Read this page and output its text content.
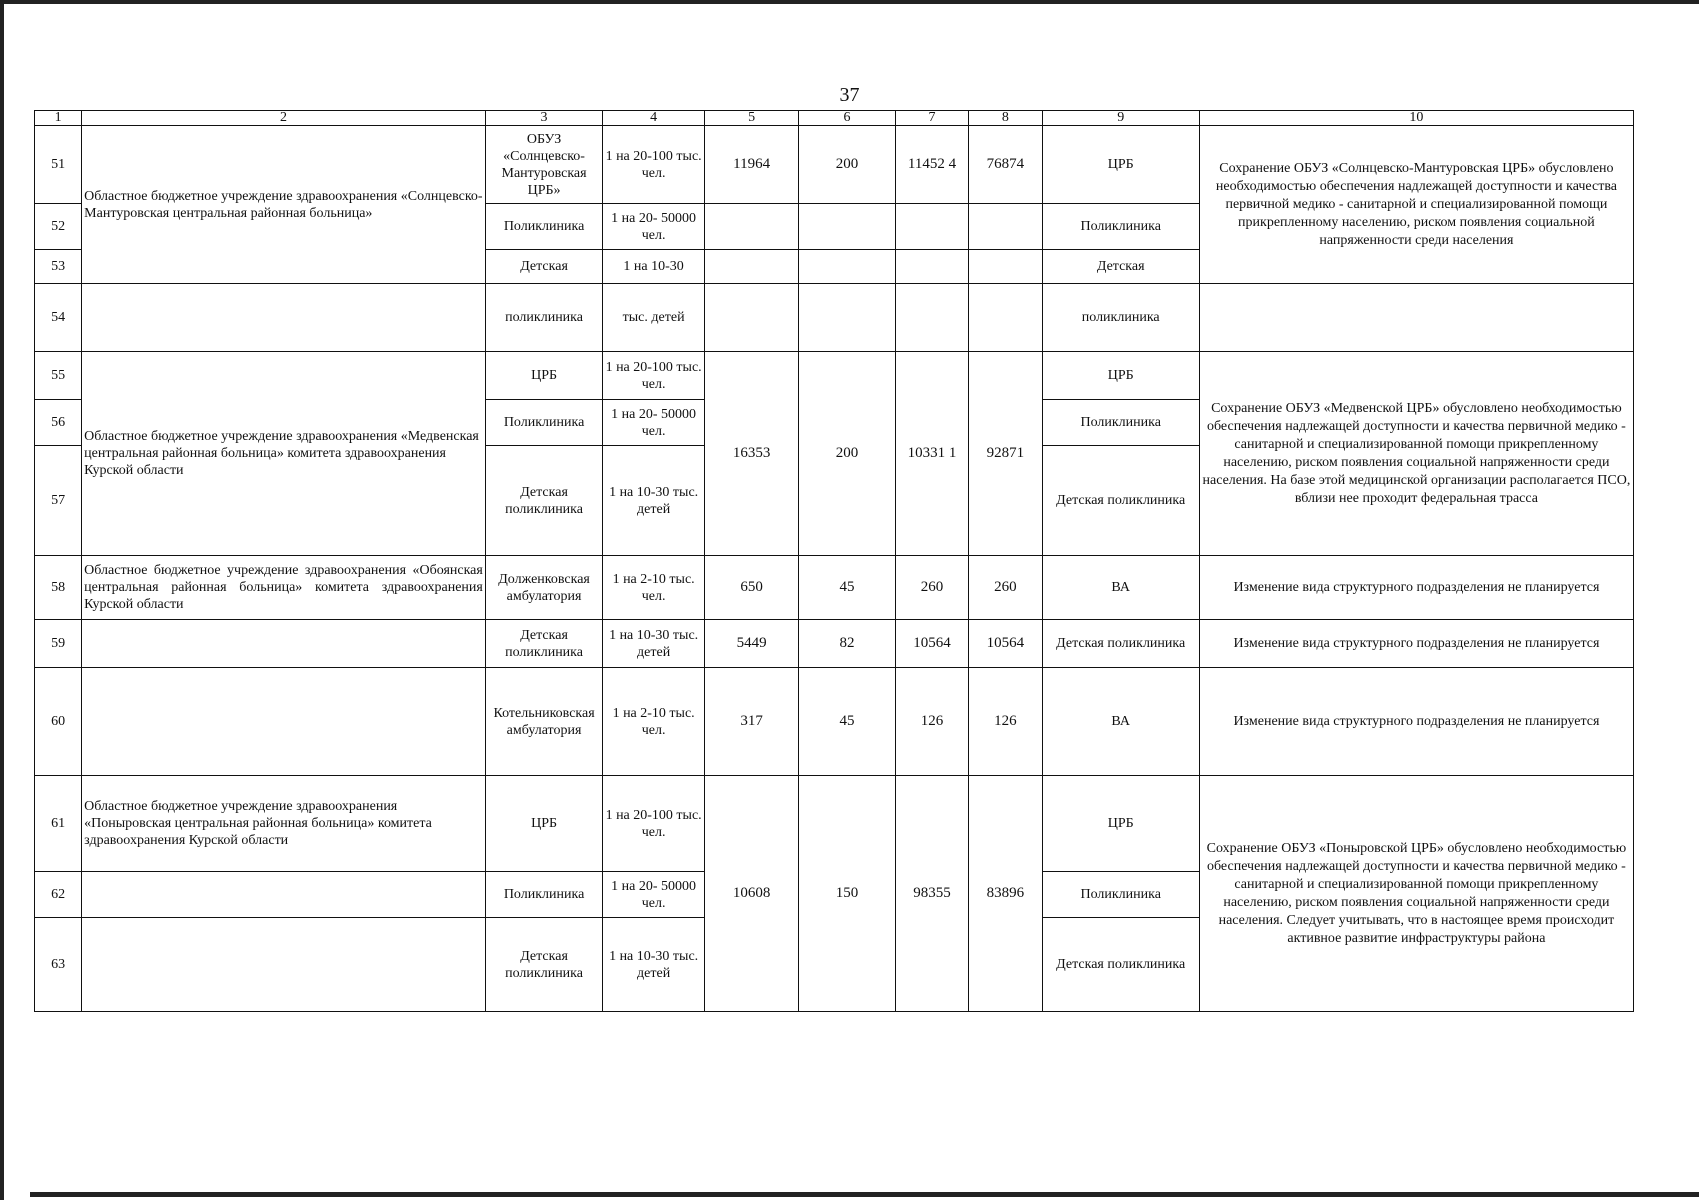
37
1	2	3	4	5	6	7	8	9	10
51	Областное бюджетное учреждение здравоохранения «Солнцевско-Мантуровская центральная районная больница»	ОБУЗ «Солнцевско-Мантуровская ЦРБ»	1 на 20-100 тыс. чел.	11964	200	11452 4	76874	ЦРБ	Сохранение ОБУЗ «Солнцевско-Мантуровская ЦРБ» обусловлено необходимостью обеспечения надлежащей доступности и качества первичной медико - санитарной и специализированной помощи прикрепленному населению, риском появления социальной напряженности среди населения
52		Поликлиника	1 на 20- 50000 чел.					Поликлиника	
53		Детская	1 на 10-30					Детская	
54		поликлиника	тыс. детей					поликлиника	
55	Областное бюджетное учреждение здравоохранения «Медвенская центральная районная больница» комитета здравоохранения Курской области	ЦРБ	1 на 20-100 тыс. чел.	16353	200	10331 1	92871	ЦРБ	Сохранение ОБУЗ «Медвенской ЦРБ» обусловлено необходимостью обеспечения надлежащей доступности и качества первичной медико - санитарной и специализированной помощи прикрепленному населению, риском появления социальной напряженности среди населения. На базе этой медицинской организации располагается ПСО, вблизи нее проходит федеральная трасса
56		Поликлиника	1 на 20- 50000 чел.					Поликлиника	
57		Детская поликлиника	1 на 10-30 тыс. детей					Детская поликлиника	
58	Областное бюджетное учреждение здравоохранения «Обоянская центральная районная больница» комитета здравоохранения Курской области	Долженковская амбулатория	1 на 2-10 тыс. чел.	650	45	260	260	ВА	Изменение вида структурного подразделения не планируется
59		Детская поликлиника	1 на 10-30 тыс. детей	5449	82	10564	10564	Детская поликлиника	Изменение вида структурного подразделения не планируется
60		Котельниковская амбулатория	1 на 2-10 тыс. чел.	317	45	126	126	ВА	Изменение вида структурного подразделения не планируется
61	Областное бюджетное учреждение здравоохранения «Поныровская центральная районная больница» комитета здравоохранения Курской области	ЦРБ	1 на 20-100 тыс. чел.	10608	150	98355	83896	ЦРБ	Сохранение ОБУЗ «Поныровской ЦРБ» обусловлено необходимостью обеспечения надлежащей доступности и качества первичной медико - санитарной и специализированной помощи прикрепленному населению, риском появления социальной напряженности среди населения. Следует учитывать, что в настоящее время происходит активное развитие инфраструктуры района
62		Поликлиника	1 на 20- 50000 чел.					Поликлиника	
63		Детская поликлиника	1 на 10-30 тыс. детей					Детская поликлиника	
